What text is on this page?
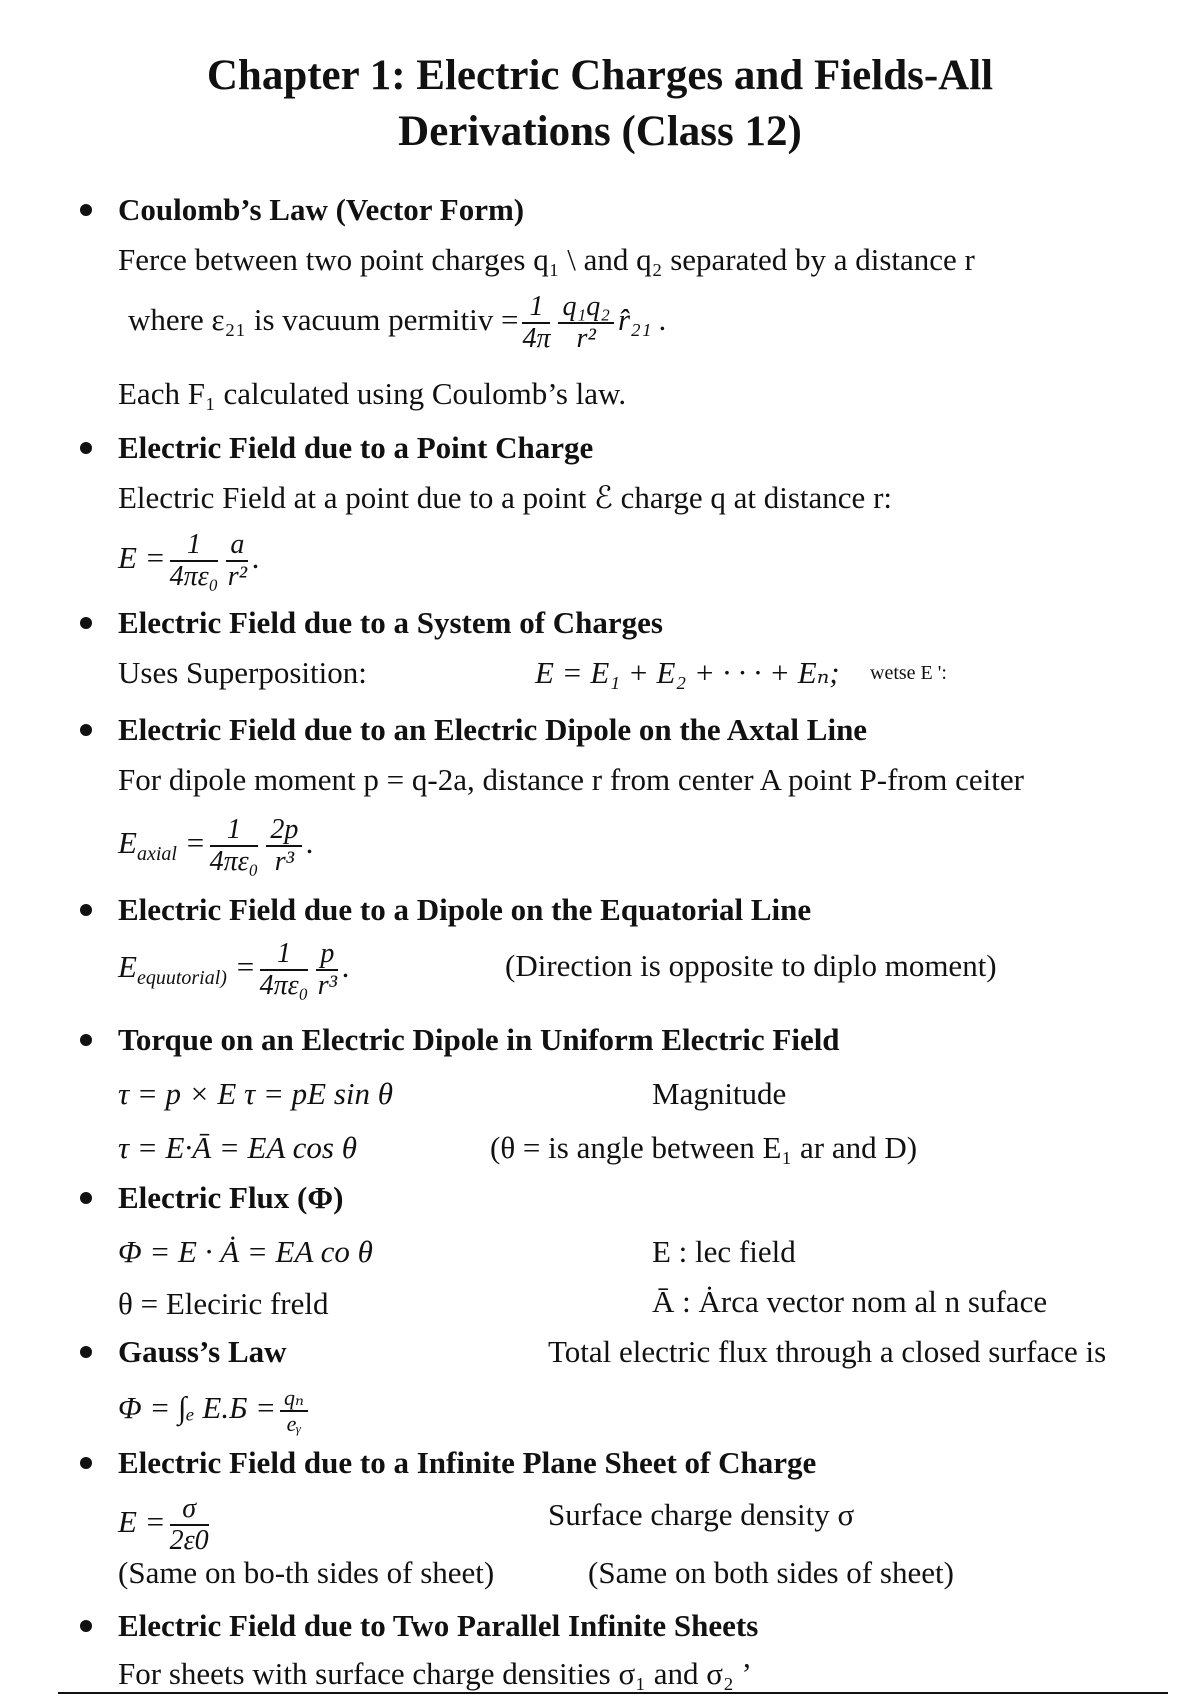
Chapter 1: Electric Charges and Fields-All
Derivations (Class 12)
Coulomb’s Law (Vector Form)
Ferce between two point charges q₁ \ and q₂ separated by a distance r
where ε₂₁ is vacuum permitiv = $\frac{1}{4\pi} \frac{\text{q₁q₂}}{\text{r²}}$ r̂₂₁ .
Each F₁ calculated using Coulomb’s law.
Electric Field due to a Point Charge
Electric Field at a point due to a point ℰ charge q at distance r:
$E = \frac{1}{\text{4πε₀}} \frac{a}{\text{r²}}$ .
Electric Field due to a System of Charges
Uses Superposition:	E = E₁ + E₂ + · · · + Eₙ; wetse E ':
Electric Field due to an Electric Dipole on the Axtal Line
For dipole moment p = q-2a, distance r from center A point P-from ceiter
$E_{axial} = \frac{1}{\text{4πε₀}} \frac{2p}{\text{r³}}$ .
Electric Field due to a Dipole on the Equatorial Line
$E_{equutorial)} = \frac{1}{\text{4πε₀}} \frac{p}{\text{r³}}$ .	(Direction is opposite to diplo moment)
Torque on an Electric Dipole in Uniform Electric Field
τ = p × E τ = pE sin θ	Magnitude
τ = E·Ā = EA cos θ	(θ = is angle between E₁ ar and D)
Electric Flux (Φ)
Φ = E · Ȧ = EA co θ	E : lec field
θ = Eleciric freld	Ā : Ȧrca vector nom al n suface
Gauss’s Law	Total electric flux through a closed surface is
Φ = ∫ₑ E.Ƃ = $\frac{\text{qₙ}}{\text{eᵧ}}$
Electric Field due to a Infinite Plane Sheet of Charge
$E = \frac{\sigma}{2\varepsilon 0}$	Surface charge density σ
(Same on bo-th sides of sheet)	(Same on both sides of sheet)
Electric Field due to Two Parallel Infinite Sheets
For sheets with surface charge densities σ₁ and σ₂ ’
